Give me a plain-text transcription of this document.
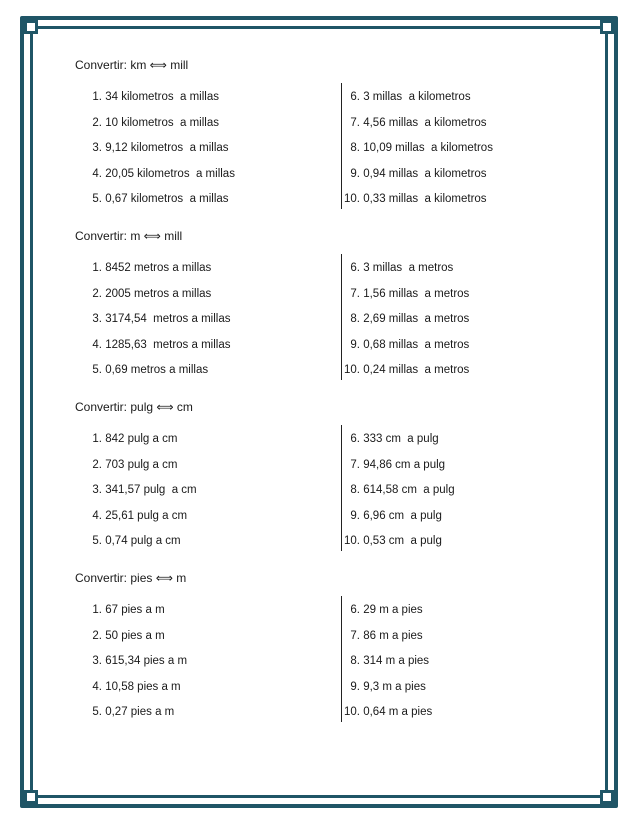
Convertir: km ⟺ mill
1. 34 kilometros  a millas
2. 10 kilometros  a millas
3. 9,12 kilometros  a millas
4. 20,05 kilometros  a millas
5. 0,67 kilometros  a millas
6. 3 millas  a kilometros
7. 4,56 millas  a kilometros
8. 10,09 millas  a kilometros
9. 0,94 millas  a kilometros
10. 0,33 millas  a kilometros
Convertir: m ⟺ mill
1. 8452 metros a millas
2. 2005 metros a millas
3. 3174,54  metros a millas
4. 1285,63  metros a millas
5. 0,69 metros a millas
6. 3 millas  a metros
7. 1,56 millas  a metros
8. 2,69 millas  a metros
9. 0,68 millas  a metros
10. 0,24 millas  a metros
Convertir: pulg ⟺ cm
1. 842 pulg a cm
2. 703 pulg a cm
3. 341,57 pulg  a cm
4. 25,61 pulg a cm
5. 0,74 pulg a cm
6. 333 cm  a pulg
7. 94,86 cm a pulg
8. 614,58 cm  a pulg
9. 6,96 cm  a pulg
10. 0,53 cm  a pulg
Convertir: pies ⟺ m
1. 67 pies a m
2. 50 pies a m
3. 615,34 pies a m
4. 10,58 pies a m
5. 0,27 pies a m
6. 29 m a pies
7. 86 m a pies
8. 314 m a pies
9. 9,3 m a pies
10. 0,64 m a pies
